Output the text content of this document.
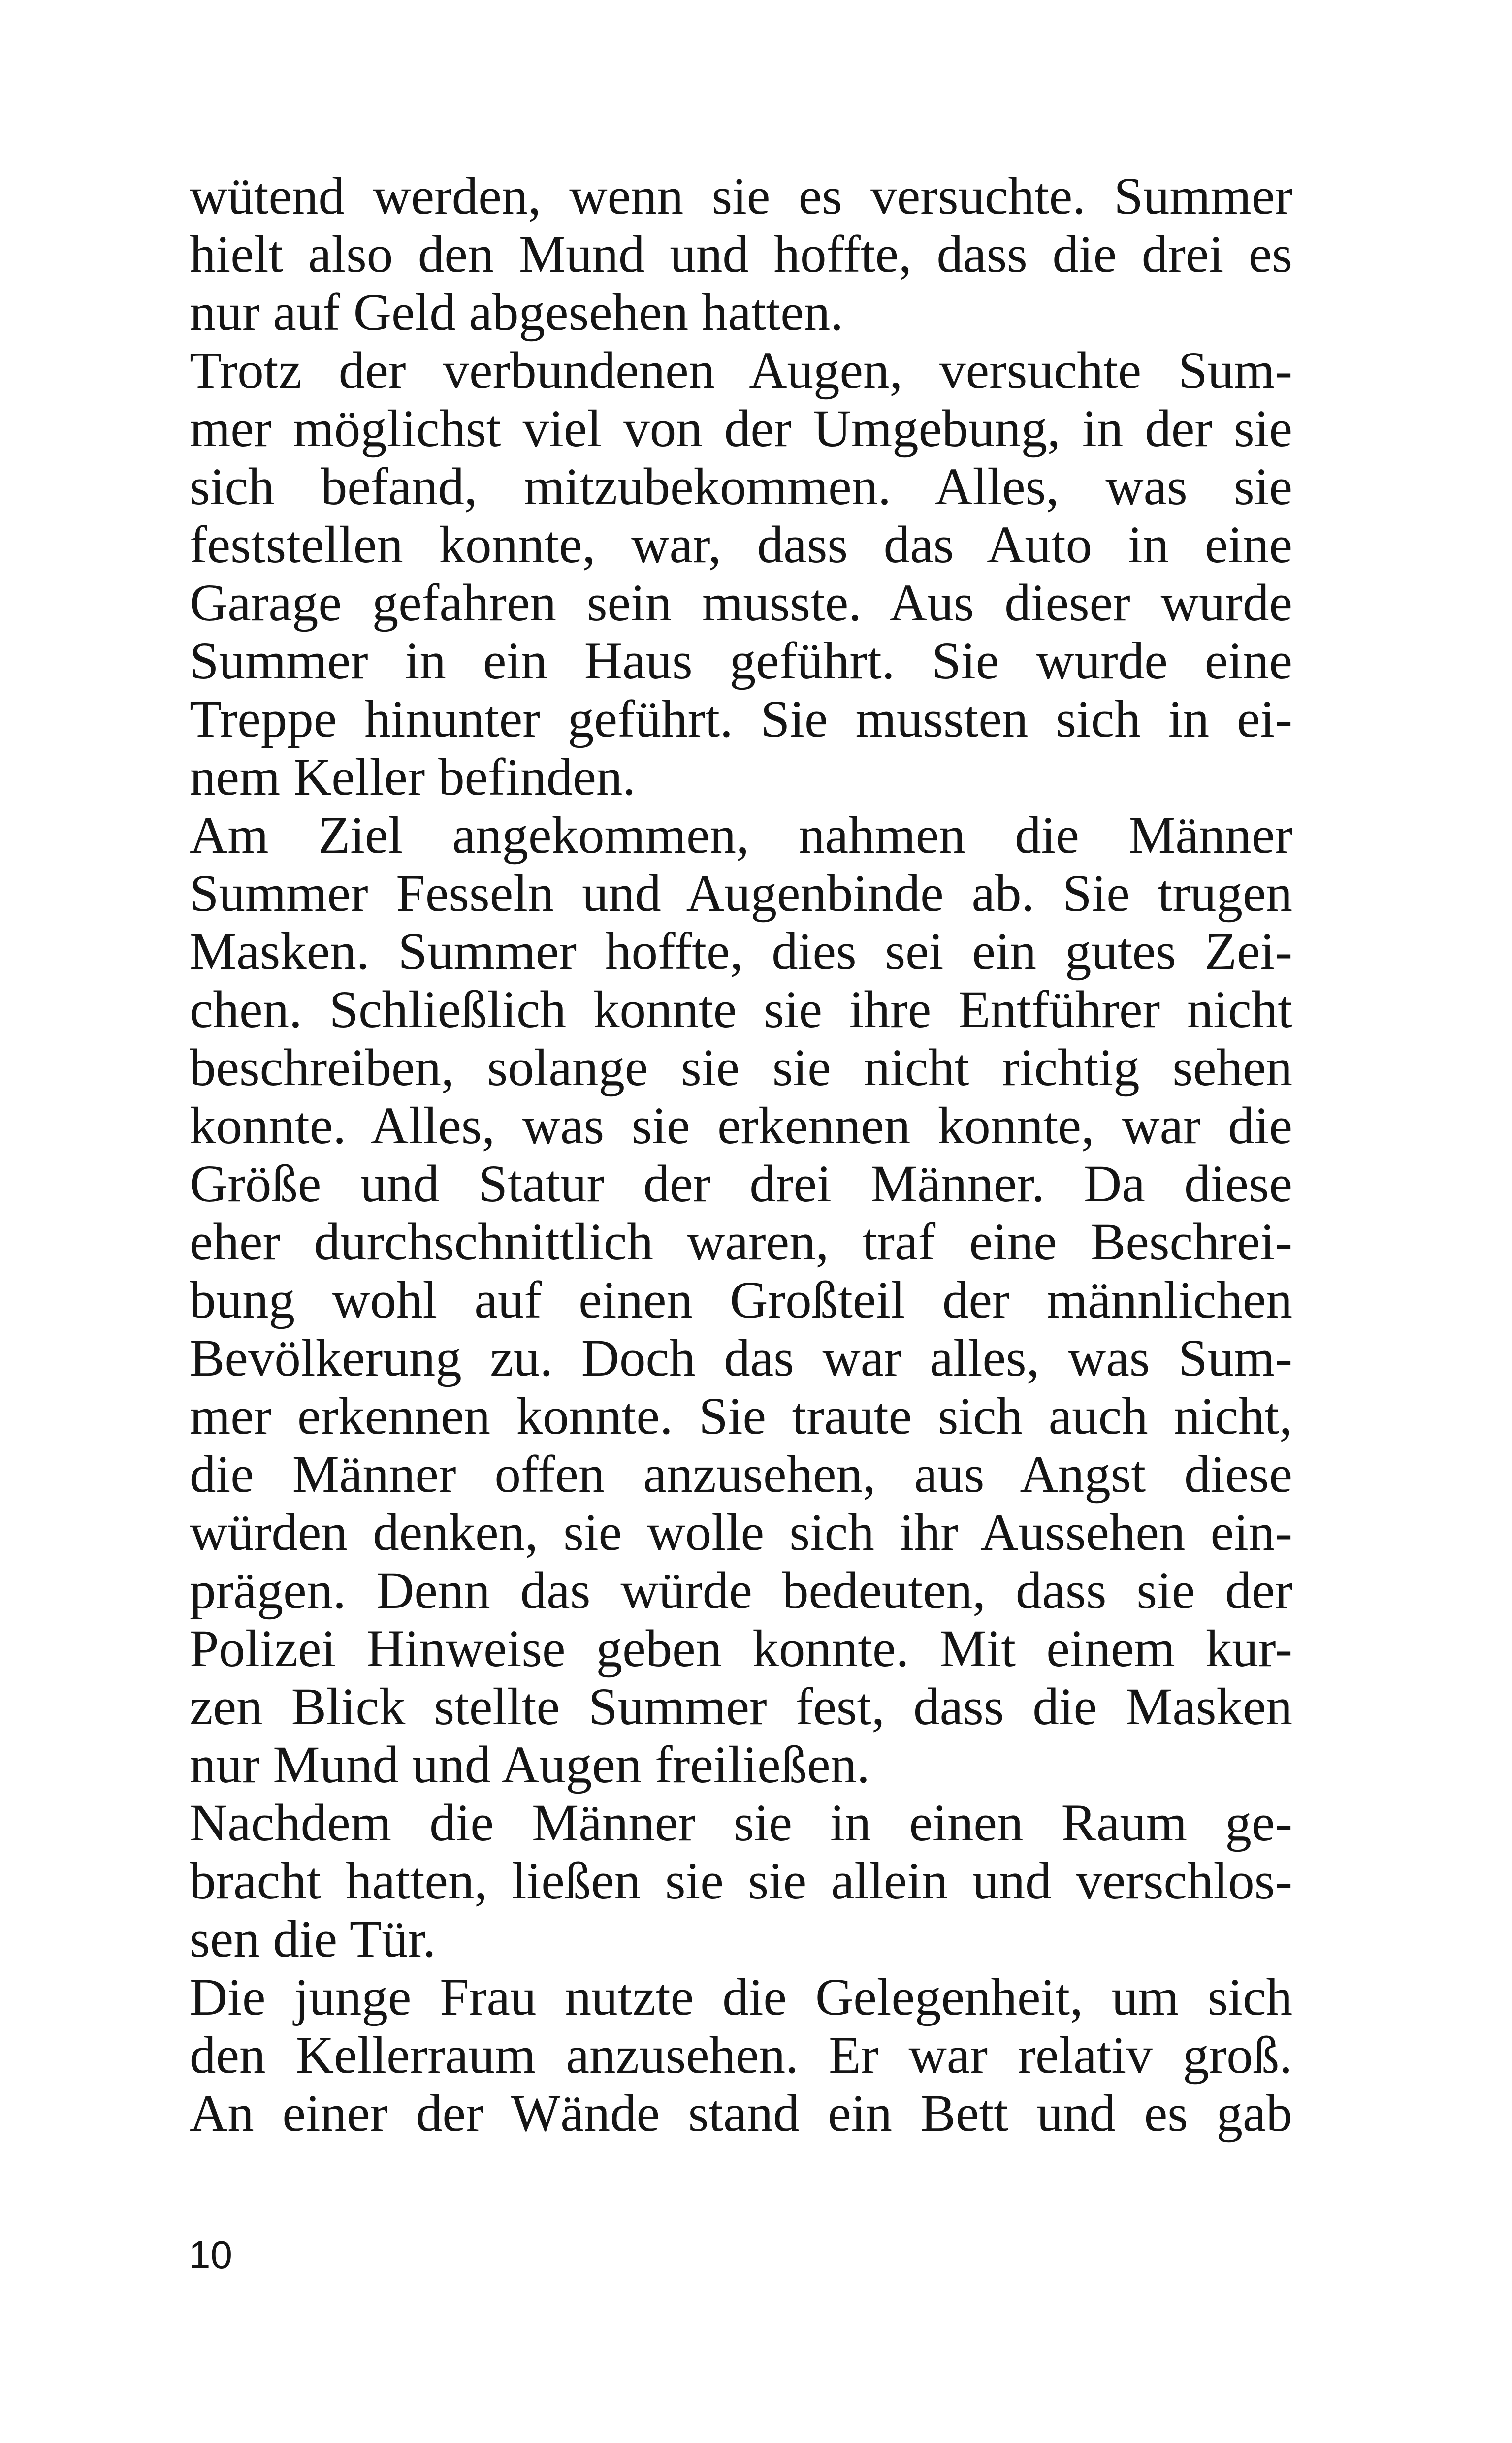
wütend werden, wenn sie es versuchte. Summer
hielt also den Mund und hoffte, dass die drei es
nur auf Geld abgesehen hatten.
Trotz der verbundenen Augen, versuchte Sum-
mer möglichst viel von der Umgebung, in der sie
sich befand, mitzubekommen. Alles, was sie
feststellen konnte, war, dass das Auto in eine
Garage gefahren sein musste. Aus dieser wurde
Summer in ein Haus geführt. Sie wurde eine
Treppe hinunter geführt. Sie mussten sich in ei-
nem Keller befinden.
Am Ziel angekommen, nahmen die Männer
Summer Fesseln und Augenbinde ab. Sie trugen
Masken. Summer hoffte, dies sei ein gutes Zei-
chen. Schließlich konnte sie ihre Entführer nicht
beschreiben, solange sie sie nicht richtig sehen
konnte. Alles, was sie erkennen konnte, war die
Größe und Statur der drei Männer. Da diese
eher durchschnittlich waren, traf eine Beschrei-
bung wohl auf einen Großteil der männlichen
Bevölkerung zu. Doch das war alles, was Sum-
mer erkennen konnte. Sie traute sich auch nicht,
die Männer offen anzusehen, aus Angst diese
würden denken, sie wolle sich ihr Aussehen ein-
prägen. Denn das würde bedeuten, dass sie der
Polizei Hinweise geben konnte. Mit einem kur-
zen Blick stellte Summer fest, dass die Masken
nur Mund und Augen freiließen.
Nachdem die Männer sie in einen Raum ge-
bracht hatten, ließen sie sie allein und verschlos-
sen die Tür.
Die junge Frau nutzte die Gelegenheit, um sich
den Kellerraum anzusehen. Er war relativ groß.
An einer der Wände stand ein Bett und es gab
10
